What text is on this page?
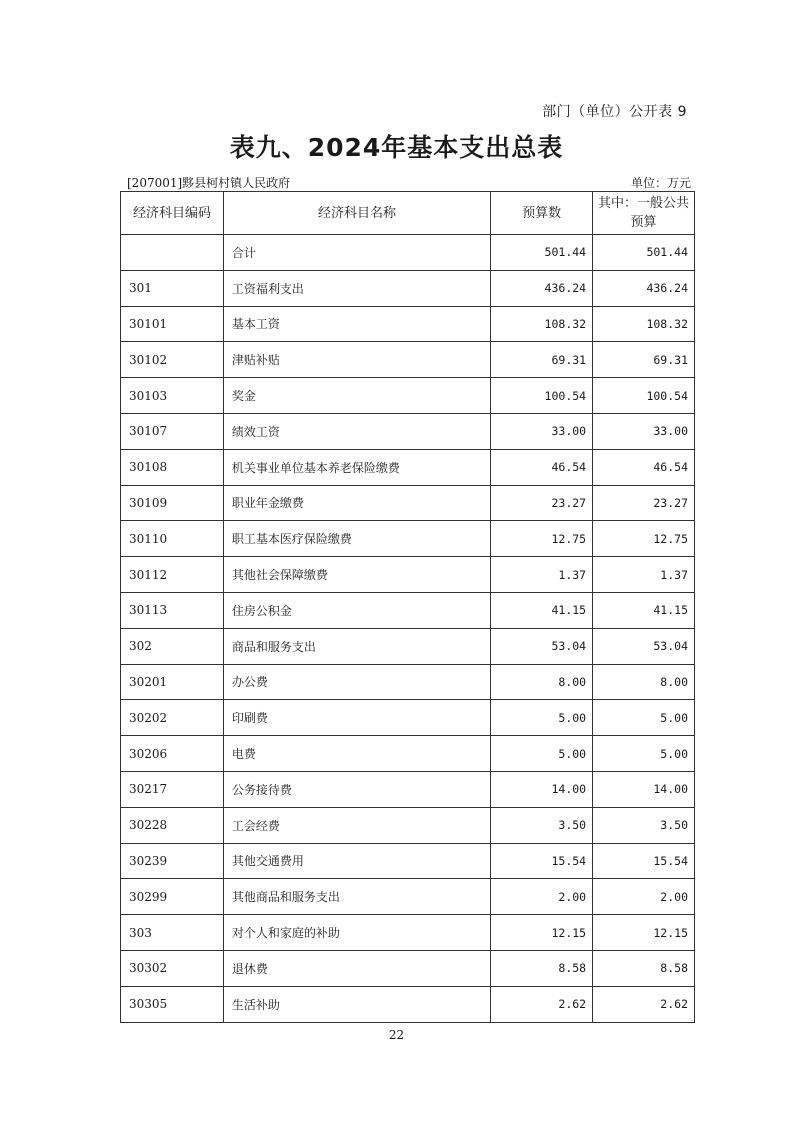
部门（单位）公开表 9
表九、2024年基本支出总表
[207001]黟县柯村镇人民政府	单位：万元
经济科目编码	经济科目名称	预算数	其中：一般公共预算
	合计	501.44	501.44
301	工资福利支出	436.24	436.24
30101	基本工资	108.32	108.32
30102	津贴补贴	69.31	69.31
30103	奖金	100.54	100.54
30107	绩效工资	33.00	33.00
30108	机关事业单位基本养老保险缴费	46.54	46.54
30109	职业年金缴费	23.27	23.27
30110	职工基本医疗保险缴费	12.75	12.75
30112	其他社会保障缴费	1.37	1.37
30113	住房公积金	41.15	41.15
302	商品和服务支出	53.04	53.04
30201	办公费	8.00	8.00
30202	印刷费	5.00	5.00
30206	电费	5.00	5.00
30217	公务接待费	14.00	14.00
30228	工会经费	3.50	3.50
30239	其他交通费用	15.54	15.54
30299	其他商品和服务支出	2.00	2.00
303	对个人和家庭的补助	12.15	12.15
30302	退休费	8.58	8.58
30305	生活补助	2.62	2.62
22
